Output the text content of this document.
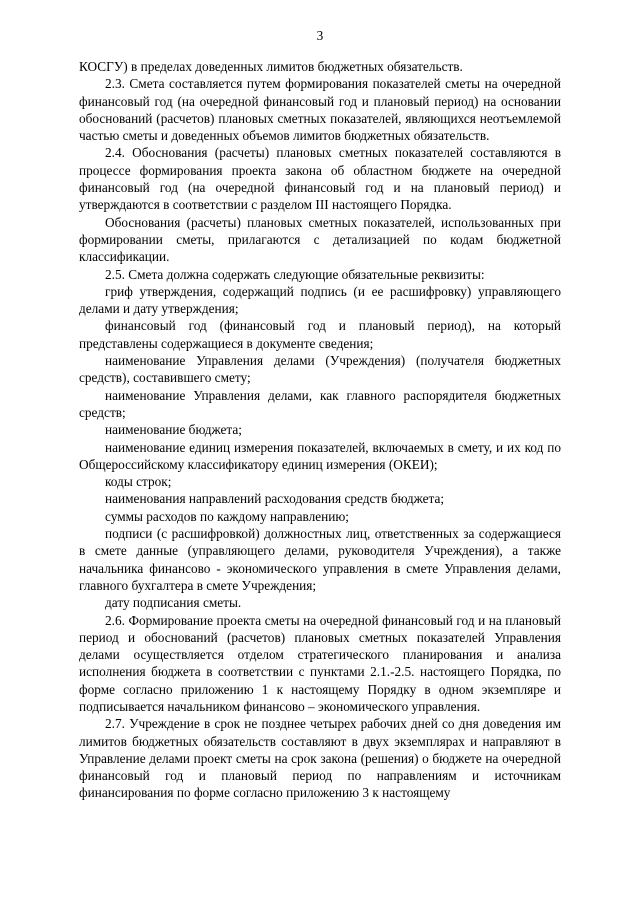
3

КОСГУ) в пределах доведенных лимитов бюджетных обязательств.

2.3. Смета составляется путем формирования показателей сметы на очередной финансовый год (на очередной финансовый год и плановый период) на основании обоснований (расчетов) плановых сметных показателей, являющихся неотъемлемой частью сметы и доведенных объемов лимитов бюджетных обязательств.

2.4. Обоснования (расчеты) плановых сметных показателей составляются в процессе формирования проекта закона об областном бюджете на очередной финансовый год (на очередной финансовый год и на плановый период) и утверждаются в соответствии с разделом III настоящего Порядка.

Обоснования (расчеты) плановых сметных показателей, использованных при формировании сметы, прилагаются с детализацией по кодам бюджетной классификации.

2.5. Смета должна содержать следующие обязательные реквизиты:

гриф утверждения, содержащий подпись (и ее расшифровку) управляющего делами и дату утверждения;

финансовый год (финансовый год и плановый период), на который представлены содержащиеся в документе сведения;

наименование Управления делами (Учреждения) (получателя бюджетных средств), составившего смету;

наименование Управления делами, как главного распорядителя бюджетных средств;

наименование бюджета;

наименование единиц измерения показателей, включаемых в смету, и их код по Общероссийскому классификатору единиц измерения (ОКЕИ);

коды строк;

наименования направлений расходования средств бюджета;

суммы расходов по каждому направлению;

подписи (с расшифровкой) должностных лиц, ответственных за содержащиеся в смете данные (управляющего делами, руководителя Учреждения), а также начальника финансово - экономического управления в смете Управления делами, главного бухгалтера в смете Учреждения;

дату подписания сметы.

2.6. Формирование проекта сметы на очередной финансовый год и на плановый период и обоснований (расчетов) плановых сметных показателей Управления делами осуществляется отделом стратегического планирования и анализа исполнения бюджета в соответствии с пунктами 2.1.-2.5. настоящего Порядка, по форме согласно приложению 1 к настоящему Порядку в одном экземпляре и подписывается начальником финансово – экономического управления.

2.7. Учреждение в срок не позднее четырех рабочих дней со дня доведения им лимитов бюджетных обязательств составляют в двух экземплярах и направляют в Управление делами проект сметы на срок закона (решения) о бюджете на очередной финансовый год и плановый период по направлениям и источникам финансирования по форме согласно приложению 3 к настоящему
